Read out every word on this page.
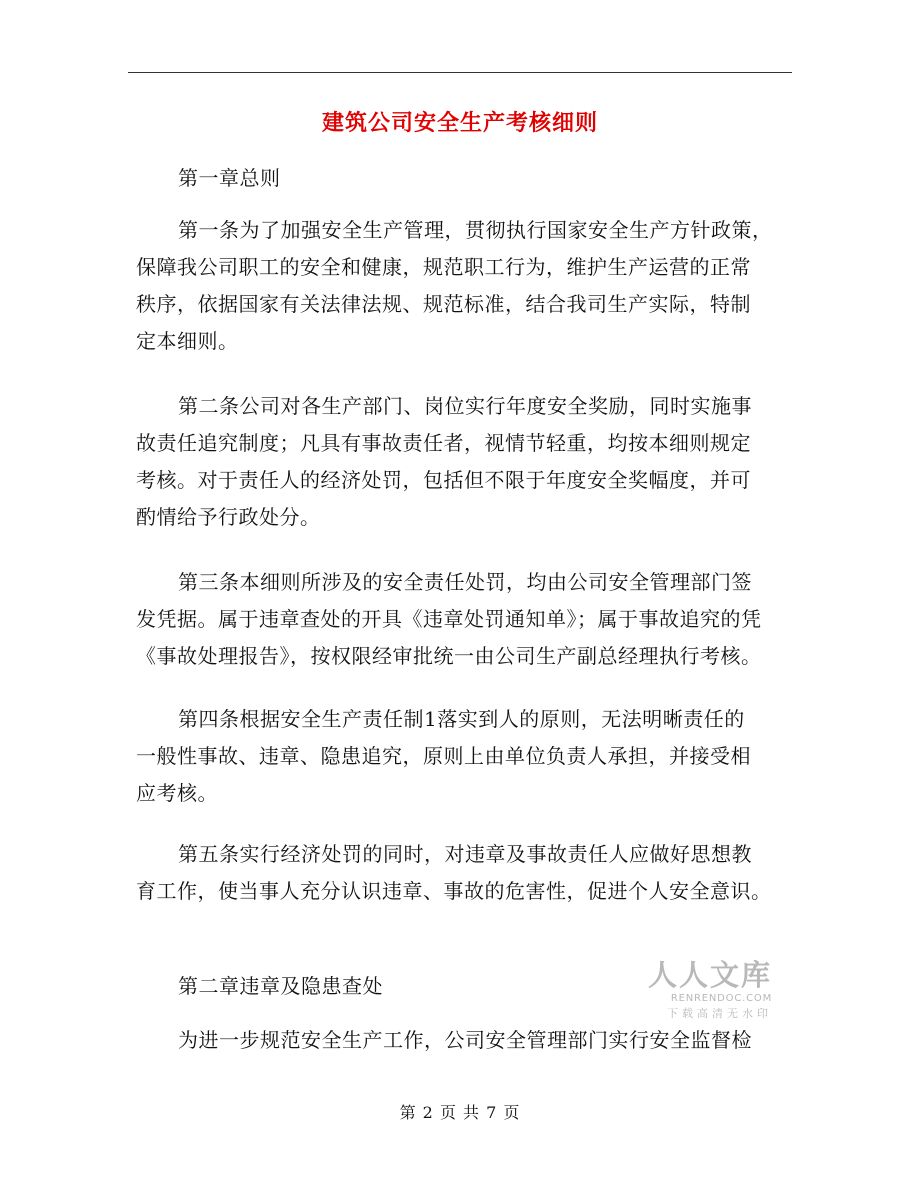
建筑公司安全生产考核细则
第一章总则
第一条为了加强安全生产管理，贯彻执行国家安全生产方针政策，
保障我公司职工的安全和健康，规范职工行为，维护生产运营的正常
秩序，依据国家有关法律法规、规范标准，结合我司生产实际，特制
定本细则。
第二条公司对各生产部门、岗位实行年度安全奖励，同时实施事
故责任追究制度；凡具有事故责任者，视情节轻重，均按本细则规定
考核。对于责任人的经济处罚，包括但不限于年度安全奖幅度，并可
酌情给予行政处分。
第三条本细则所涉及的安全责任处罚，均由公司安全管理部门签
发凭据。属于违章查处的开具《违章处罚通知单》；属于事故追究的凭
《事故处理报告》，按权限经审批统一由公司生产副总经理执行考核。
第四条根据安全生产责任制1落实到人的原则，无法明晰责任的
一般性事故、违章、隐患追究，原则上由单位负责人承担，并接受相
应考核。
第五条实行经济处罚的同时，对违章及事故责任人应做好思想教
育工作，使当事人充分认识违章、事故的危害性，促进个人安全意识。
第二章违章及隐患查处
为进一步规范安全生产工作，公司安全管理部门实行安全监督检
人人文库
RENRENDOC.COM
下载高清无水印
第 2 页 共 7 页
